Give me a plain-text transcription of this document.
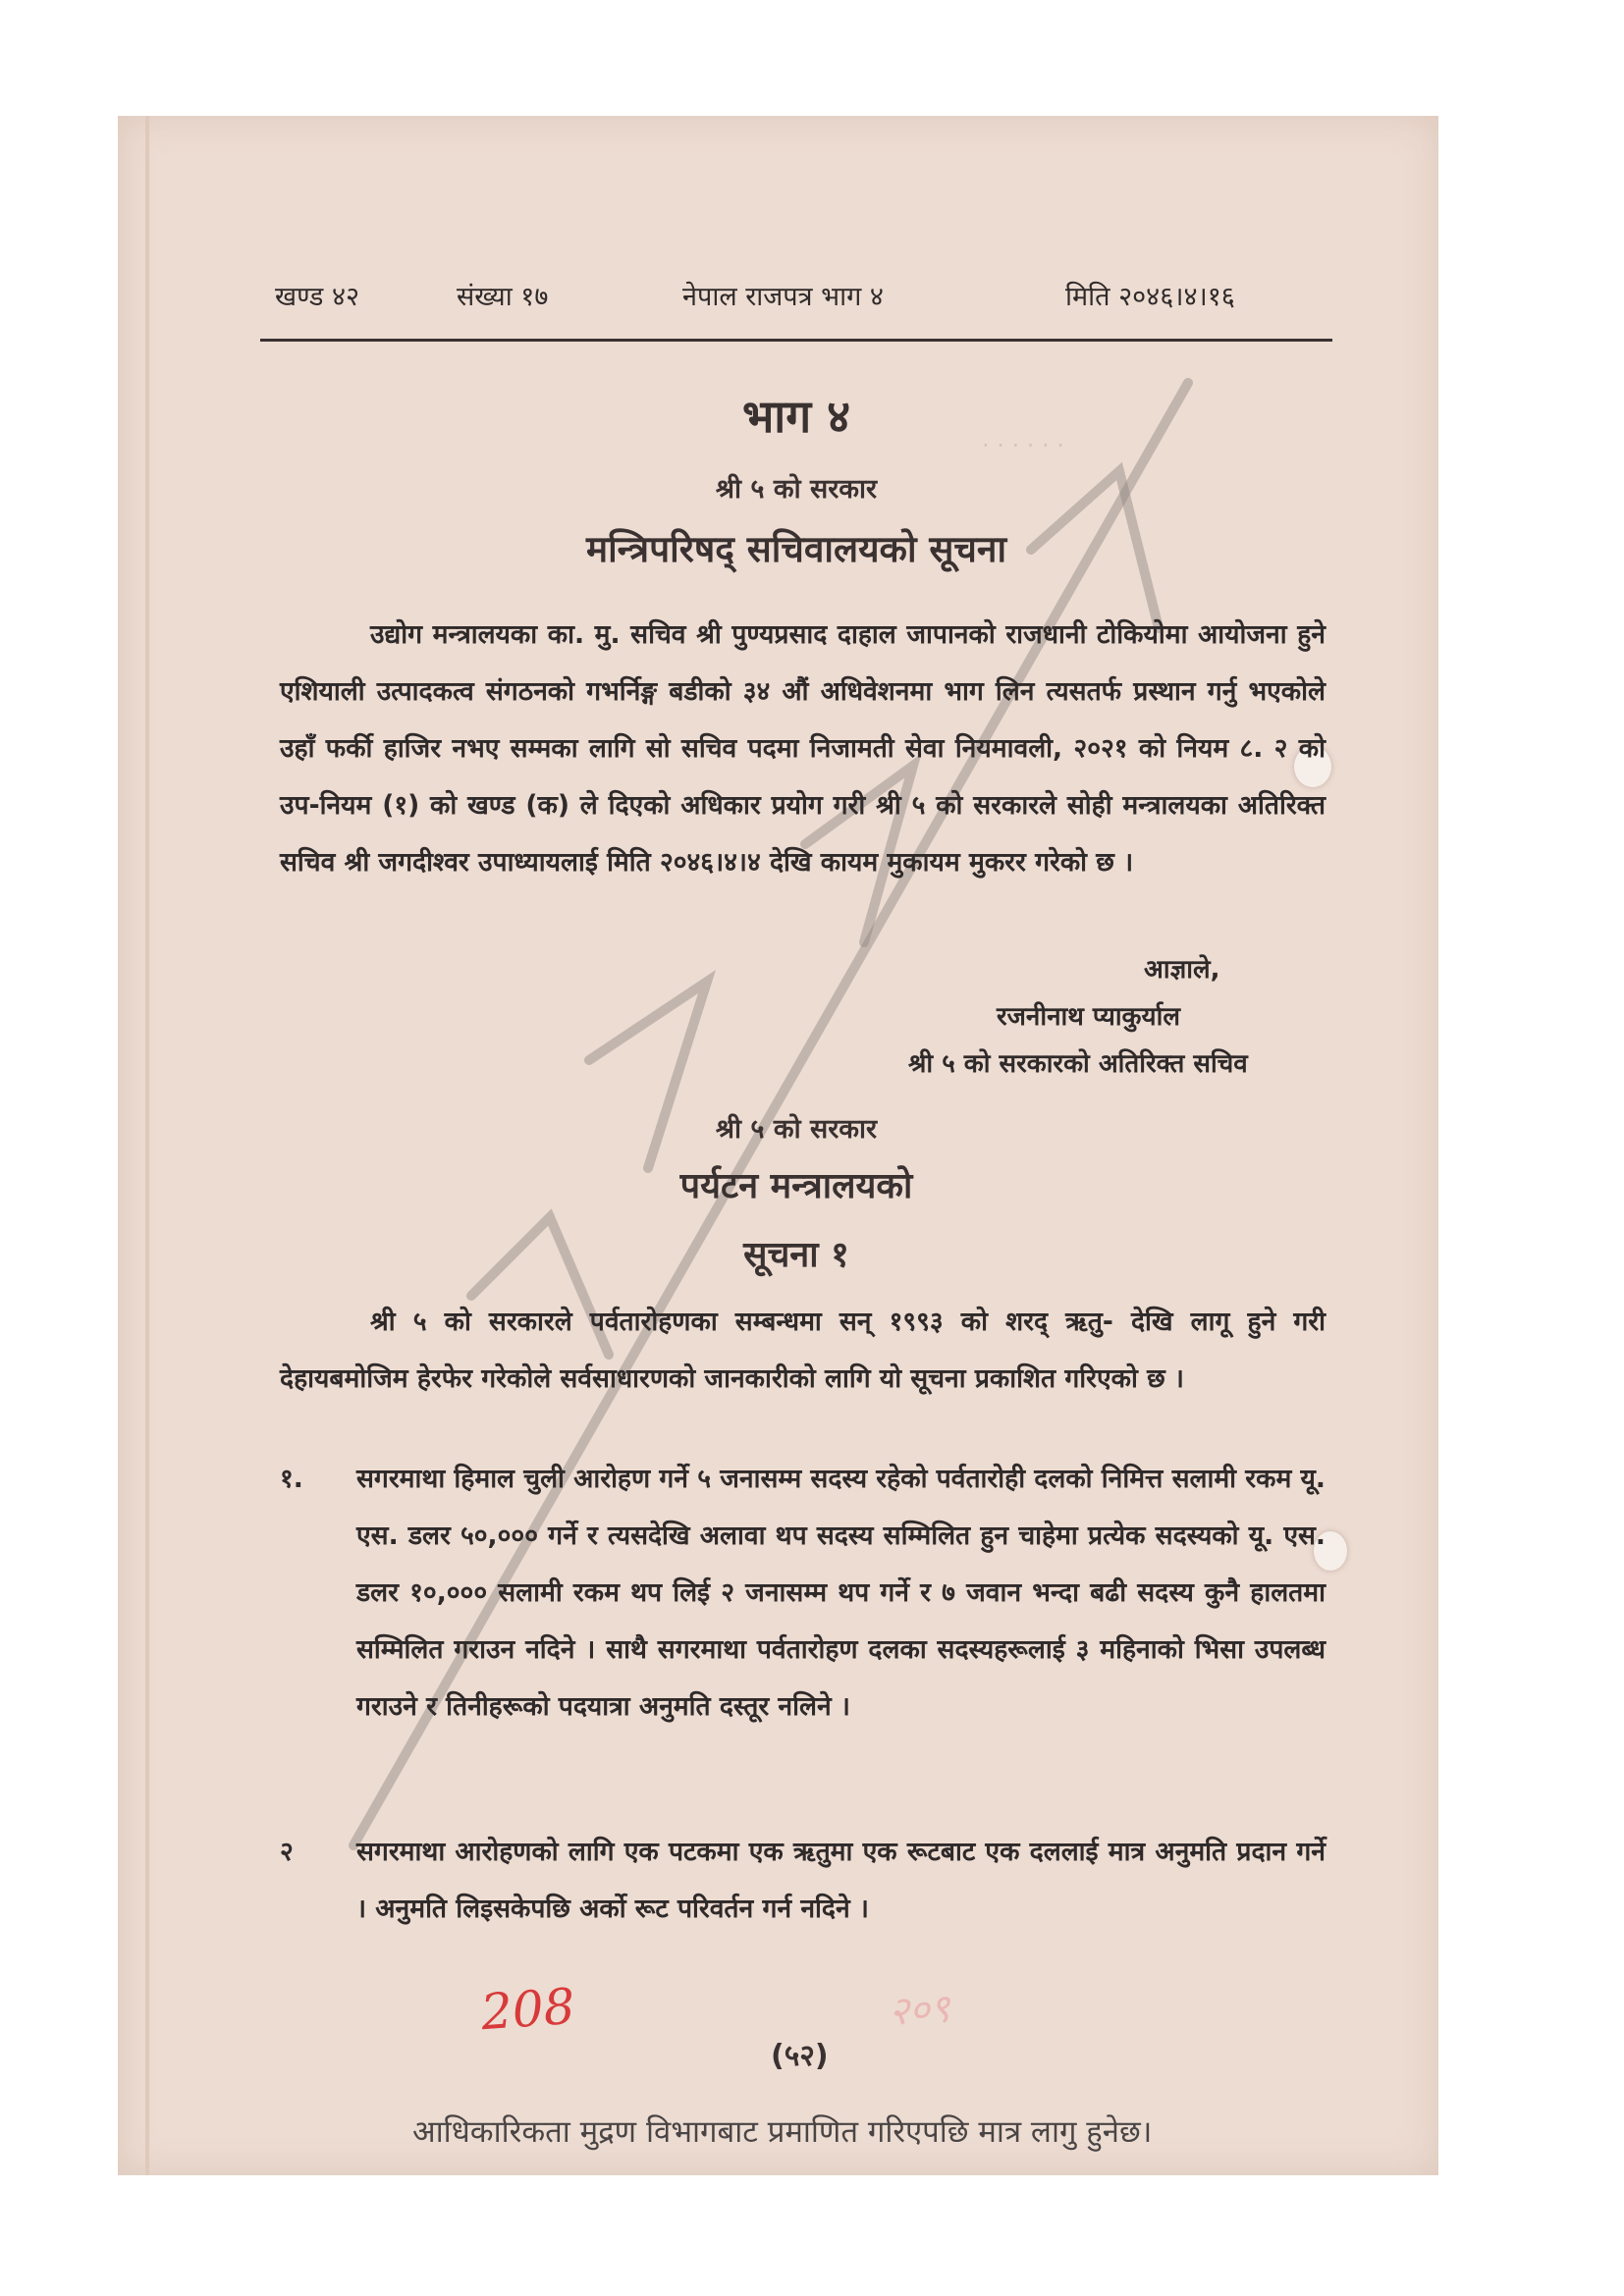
· · · · · ·
खण्ड ४२	संख्या १७	नेपाल राजपत्र भाग ४	मिति २०४६।४।१६
भाग ४
श्री ५ को सरकार
मन्त्रिपरिषद् सचिवालयको सूचना
उद्योग मन्त्रालयका का. मु. सचिव श्री पुण्यप्रसाद दाहाल जापानको राजधानी टोकियोमा आयोजना हुने एशियाली उत्पादकत्व संगठनको गभर्निङ्ग बडीको ३४ औं अधिवेशनमा भाग लिन त्यसतर्फ प्रस्थान गर्नु भएकोले उहाँ फर्की हाजिर नभए सम्मका लागि सो सचिव पदमा निजामती सेवा नियमावली, २०२१ को नियम ८. २ को उप-नियम (१) को खण्ड (क) ले दिएको अधिकार प्रयोग गरी श्री ५ को सरकारले सोही मन्त्रालयका अतिरिक्त सचिव श्री जगदीश्वर उपाध्यायलाई मिति २०४६।४।४ देखि कायम मुकायम मुकरर गरेको छ ।
आज्ञाले,
रजनीनाथ प्याकुर्याल
श्री ५ को सरकारको अतिरिक्त सचिव
श्री ५ को सरकार
पर्यटन मन्त्रालयको
सूचना १
श्री ५ को सरकारले पर्वतारोहणका सम्बन्धमा सन् १९९३ को शरद् ऋतु- देखि लागू हुने गरी देहायबमोजिम हेरफेर गरेकोले सर्वसाधारणको जानकारीको लागि यो सूचना प्रकाशित गरिएको छ ।
१.	सगरमाथा हिमाल चुली आरोहण गर्ने ५ जनासम्म सदस्य रहेको पर्वतारोही दलको निमित्त सलामी रकम यू. एस. डलर ५०,००० गर्ने र त्यसदेखि अलावा थप सदस्य सम्मिलित हुन चाहेमा प्रत्येक सदस्यको यू. एस. डलर १०,००० सलामी रकम थप लिई २ जनासम्म थप गर्ने र ७ जवान भन्दा बढी सदस्य कुनै हालतमा सम्मिलित गराउन नदिने । साथै सगरमाथा पर्वतारोहण दलका सदस्यहरूलाई ३ महिनाको भिसा उपलब्ध गराउने र तिनीहरूको पदयात्रा अनुमति दस्तूर नलिने ।
२	सगरमाथा आरोहणको लागि एक पटकमा एक ऋतुमा एक रूटबाट एक दललाई मात्र अनुमति प्रदान गर्ने । अनुमति लिइसकेपछि अर्को रूट परिवर्तन गर्न नदिने ।
208	२०९
(५२)
आधिकारिकता मुद्रण विभागबाट प्रमाणित गरिएपछि मात्र लागु हुनेछ।
